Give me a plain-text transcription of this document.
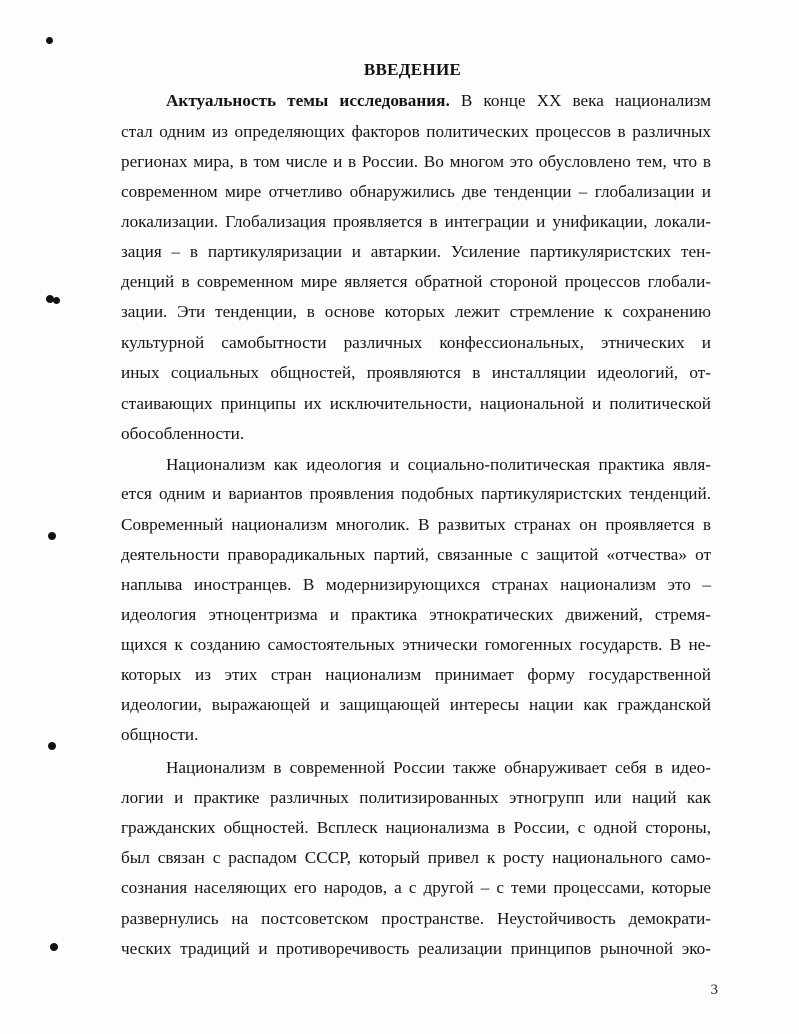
ВВЕДЕНИЕ
Актуальность темы исследования. В конце ХХ века национализм
стал одним из определяющих факторов политических процессов в различных
регионах мира, в том числе и в России. Во многом это обусловлено тем, что в
современном мире отчетливо обнаружились две тенденции – глобализации и
локализации. Глобализация проявляется в интеграции и унификации, локали-
зация – в партикуляризации и автаркии. Усиление партикуляристских тен-
денций в современном мире является обратной стороной процессов глобали-
зации. Эти тенденции, в основе которых лежит стремление к сохранению
культурной самобытности различных конфессиональных, этнических и
иных социальных общностей, проявляются в инсталляции идеологий, от-
стаивающих принципы их исключительности, национальной и политической
обособленности.
Национализм как идеология и социально-политическая практика явля-
ется одним и вариантов проявления подобных партикуляристских тенденций.
Современный национализм многолик. В развитых странах он проявляется в
деятельности праворадикальных партий, связанные с защитой «отчества» от
наплыва иностранцев. В модернизирующихся странах национализм это –
идеология этноцентризма и практика этнократических движений, стремя-
щихся к созданию самостоятельных этнически гомогенных государств. В не-
которых из этих стран национализм принимает форму государственной
идеологии, выражающей и защищающей интересы нации как гражданской
общности.
Национализм в современной России также обнаруживает себя в идео-
логии и практике различных политизированных этногрупп или наций как
гражданских общностей. Всплеск национализма в России, с одной стороны,
был связан с распадом СССР, который привел к росту национального само-
сознания населяющих его народов, а с другой – с теми процессами, которые
развернулись на постсоветском пространстве. Неустойчивость демократи-
ческих традиций и противоречивость реализации принципов рыночной эко-
3
